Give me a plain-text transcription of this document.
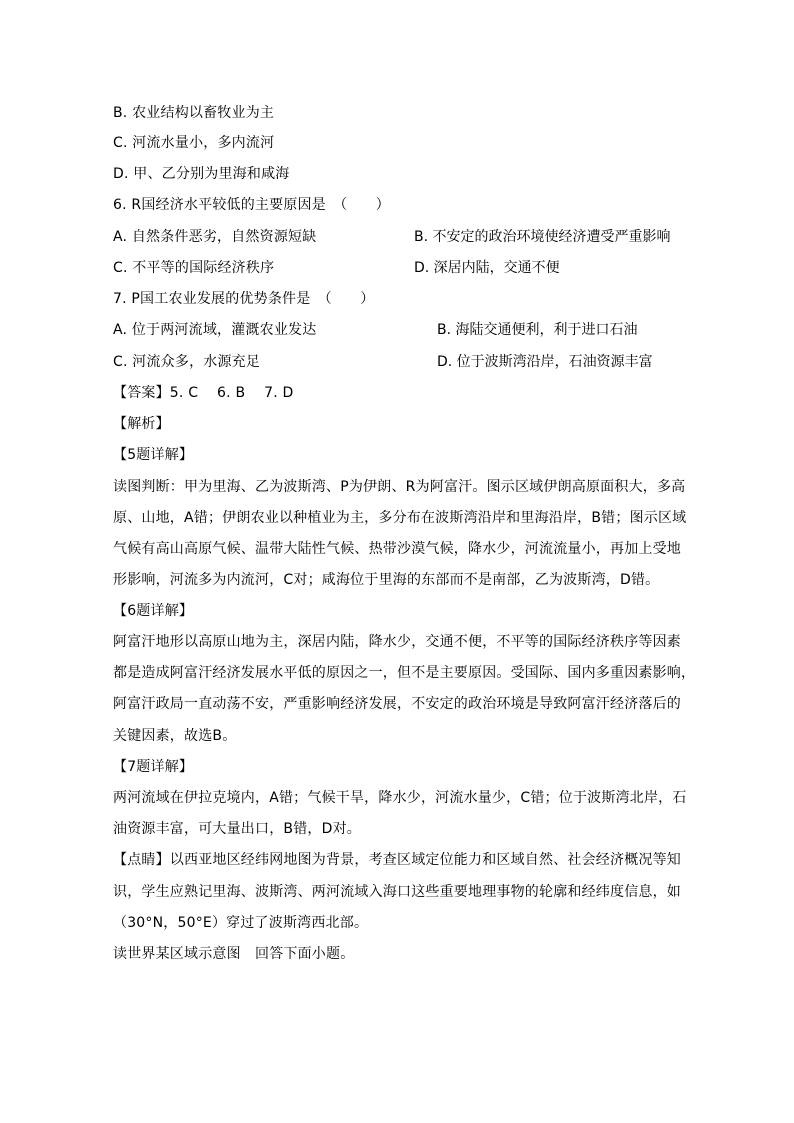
B. 农业结构以畜牧业为主
C. 河流水量小，多内流河
D. 甲、乙分别为里海和咸海
6. R国经济水平较低的主要原因是　（　　）
A. 自然条件恶劣，自然资源短缺	B. 不安定的政治环境使经济遭受严重影响
C. 不平等的国际经济秩序	D. 深居内陆，交通不便
7. P国工农业发展的优势条件是　（　　）
A. 位于两河流域，灌溉农业发达	B. 海陆交通便利，利于进口石油
C. 河流众多，水源充足	D. 位于波斯湾沿岸，石油资源丰富
【答案】5. C　 6. B　 7. D
【解析】
【5题详解】
读图判断：甲为里海、乙为波斯湾、P为伊朗、R为阿富汗。图示区域伊朗高原面积大，多高
原、山地，A错；伊朗农业以种植业为主，多分布在波斯湾沿岸和里海沿岸，B错；图示区域
气候有高山高原气候、温带大陆性气候、热带沙漠气候，降水少，河流流量小，再加上受地
形影响，河流多为内流河，C对；咸海位于里海的东部而不是南部，乙为波斯湾，D错。
【6题详解】
阿富汗地形以高原山地为主，深居内陆，降水少，交通不便，不平等的国际经济秩序等因素
都是造成阿富汗经济发展水平低的原因之一，但不是主要原因。受国际、国内多重因素影响，
阿富汗政局一直动荡不安，严重影响经济发展，不安定的政治环境是导致阿富汗经济落后的
关键因素，故选B。
【7题详解】
两河流域在伊拉克境内，A错；气候干旱，降水少，河流水量少，C错；位于波斯湾北岸，石
油资源丰富，可大量出口，B错，D对。
【点睛】以西亚地区经纬网地图为背景，考查区域定位能力和区域自然、社会经济概况等知
识，学生应熟记里海、波斯湾、两河流域入海口这些重要地理事物的轮廓和经纬度信息，如
（30°N，50°E）穿过了波斯湾西北部。
读世界某区域示意图　回答下面小题。
